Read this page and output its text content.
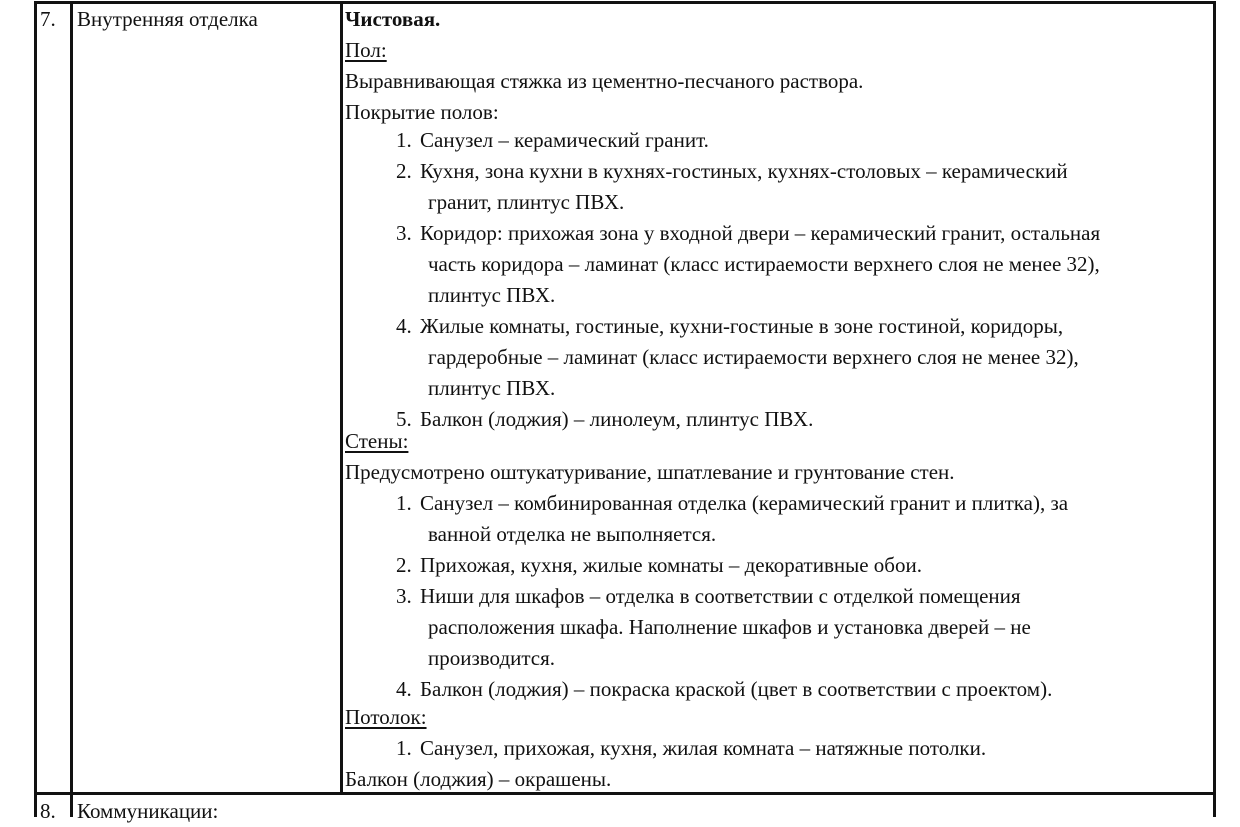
7. Внутренняя отделка	Чистовая.
Пол:
Выравнивающая стяжка из цементно-песчаного раствора.
Покрытие полов:
1. Санузел – керамический гранит.
2. Кухня, зона кухни в кухнях-гостиных, кухнях-столовых – керамический
гранит, плинтус ПВХ.
3. Коридор: прихожая зона у входной двери – керамический гранит, остальная
часть коридора – ламинат (класс истираемости верхнего слоя не менее 32),
плинтус ПВХ.
4. Жилые комнаты, гостиные, кухни-гостиные в зоне гостиной, коридоры,
гардеробные – ламинат (класс истираемости верхнего слоя не менее 32),
плинтус ПВХ.
5. Балкон (лоджия) – линолеум, плинтус ПВХ.
Стены:
Предусмотрено оштукатуривание, шпатлевание и грунтование стен.
1. Санузел – комбинированная отделка (керамический гранит и плитка), за
ванной отделка не выполняется.
2. Прихожая, кухня, жилые комнаты – декоративные обои.
3. Ниши для шкафов – отделка в соответствии с отделкой помещения
расположения шкафа. Наполнение шкафов и установка дверей – не
производится.
4. Балкон (лоджия) – покраска краской (цвет в соответствии с проектом).
Потолок:
1. Санузел, прихожая, кухня, жилая комната – натяжные потолки.
Балкон (лоджия) – окрашены.
8. Коммуникации:
